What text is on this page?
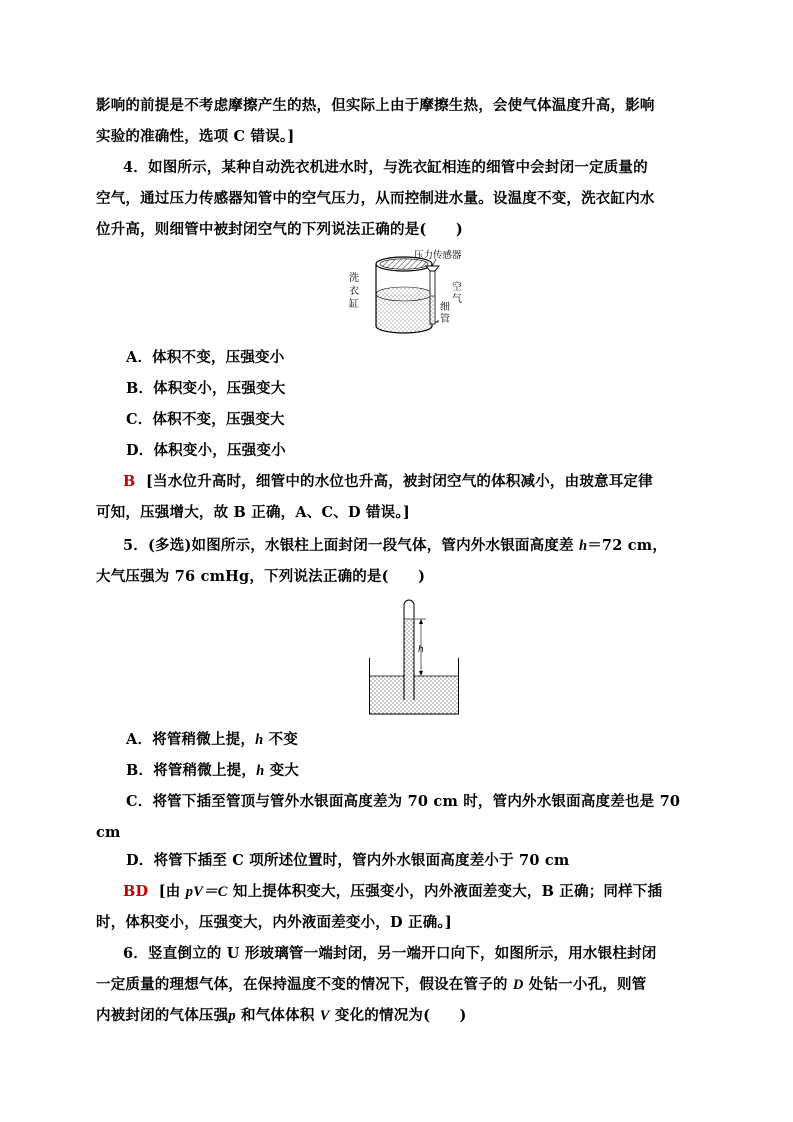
影响的前提是不考虑摩擦产生的热，但实际上由于摩擦生热，会使气体温度升高，影响
实验的准确性，选项 C 错误。]
4．如图所示，某种自动洗衣机进水时，与洗衣缸相连的细管中会封闭一定质量的
空气，通过压力传感器知管中的空气压力，从而控制进水量。设温度不变，洗衣缸内水
位升高，则细管中被封闭空气的下列说法正确的是(　　)
洗
衣
缸
压力传感器
空
气
细
管
A．体积不变，压强变小
B．体积变小，压强变大
C．体积不变，压强变大
D．体积变小，压强变小
B [当水位升高时，细管中的水位也升高，被封闭空气的体积减小，由玻意耳定律
可知，压强增大，故 B 正确，A、C、D 错误。]
5．(多选)如图所示，水银柱上面封闭一段气体，管内外水银面高度差 h＝72 cm，
大气压强为 76 cmHg，下列说法正确的是(　　)
h
A．将管稍微上提，h 不变
B．将管稍微上提，h 变大
C．将管下插至管顶与管外水银面高度差为 70 cm 时，管内外水银面高度差也是 70
cm
D．将管下插至 C 项所述位置时，管内外水银面高度差小于 70 cm
BD [由 pV＝C 知上提体积变大，压强变小，内外液面差变大，B 正确；同样下插
时，体积变小，压强变大，内外液面差变小，D 正确。]
6．竖直倒立的 U 形玻璃管一端封闭，另一端开口向下，如图所示，用水银柱封闭
一定质量的理想气体，在保持温度不变的情况下，假设在管子的 D 处钻一小孔，则管
内被封闭的气体压强p 和气体体积 V 变化的情况为(　　)
